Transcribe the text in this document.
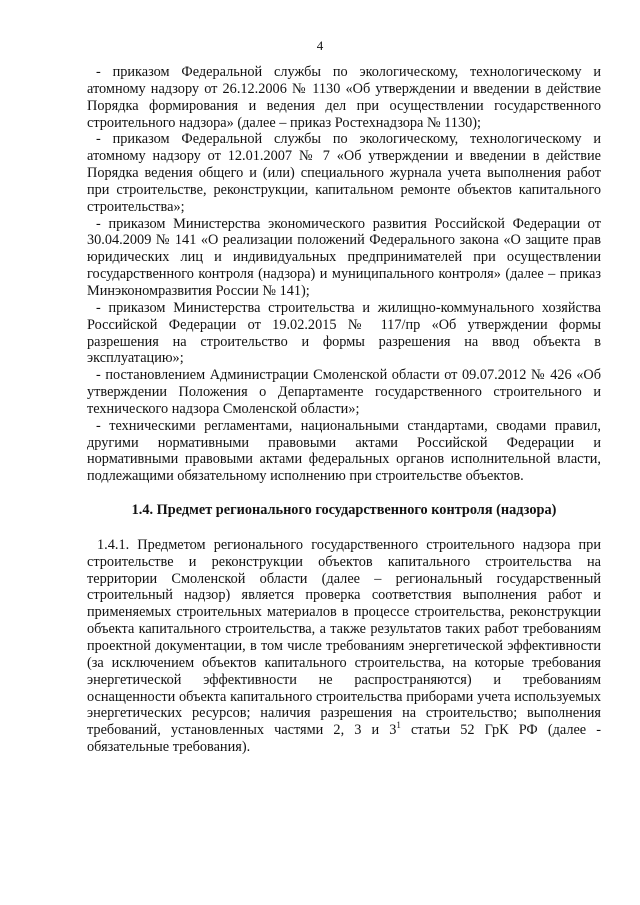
4

- приказом Федеральной службы по экологическому, технологическому и атомному надзору от 26.12.2006 № 1130 «Об утверждении и введении в действие Порядка формирования и ведения дел при осуществлении государственного строительного надзора» (далее – приказ Ростехнадзора № 1130);

- приказом Федеральной службы по экологическому, технологическому и атомному надзору от 12.01.2007 № 7 «Об утверждении и введении в действие Порядка ведения общего и (или) специального журнала учета выполнения работ при строительстве, реконструкции, капитальном ремонте объектов капитального строительства»;

- приказом Министерства экономического развития Российской Федерации от 30.04.2009 № 141 «О реализации положений Федерального закона «О защите прав юридических лиц и индивидуальных предпринимателей при осуществлении государственного контроля (надзора) и муниципального контроля» (далее – приказ Минэкономразвития России № 141);

- приказом Министерства строительства и жилищно-коммунального хозяйства Российской Федерации от 19.02.2015 № 117/пр «Об утверждении формы разрешения на строительство и формы разрешения на ввод объекта в эксплуатацию»;

- постановлением Администрации Смоленской области от 09.07.2012 № 426 «Об утверждении Положения о Департаменте государственного строительного и технического надзора Смоленской области»;

- техническими регламентами, национальными стандартами, сводами правил, другими нормативными правовыми актами Российской Федерации и нормативными правовыми актами федеральных органов исполнительной власти, подлежащими обязательному исполнению при строительстве объектов.

1.4. Предмет регионального государственного контроля (надзора)

1.4.1. Предметом регионального государственного строительного надзора при строительстве и реконструкции объектов капитального строительства на территории Смоленской области (далее – региональный государственный строительный надзор) является проверка соответствия выполнения работ и применяемых строительных материалов в процессе строительства, реконструкции объекта капитального строительства, а также результатов таких работ требованиям проектной документации, в том числе требованиям энергетической эффективности (за исключением объектов капитального строительства, на которые требования энергетической эффективности не распространяются) и требованиям оснащенности объекта капитального строительства приборами учета используемых энергетических ресурсов; наличия разрешения на строительство; выполнения требований, установленных частями 2, 3 и $3^1$ статьи 52 ГрК РФ (далее - обязательные требования).
